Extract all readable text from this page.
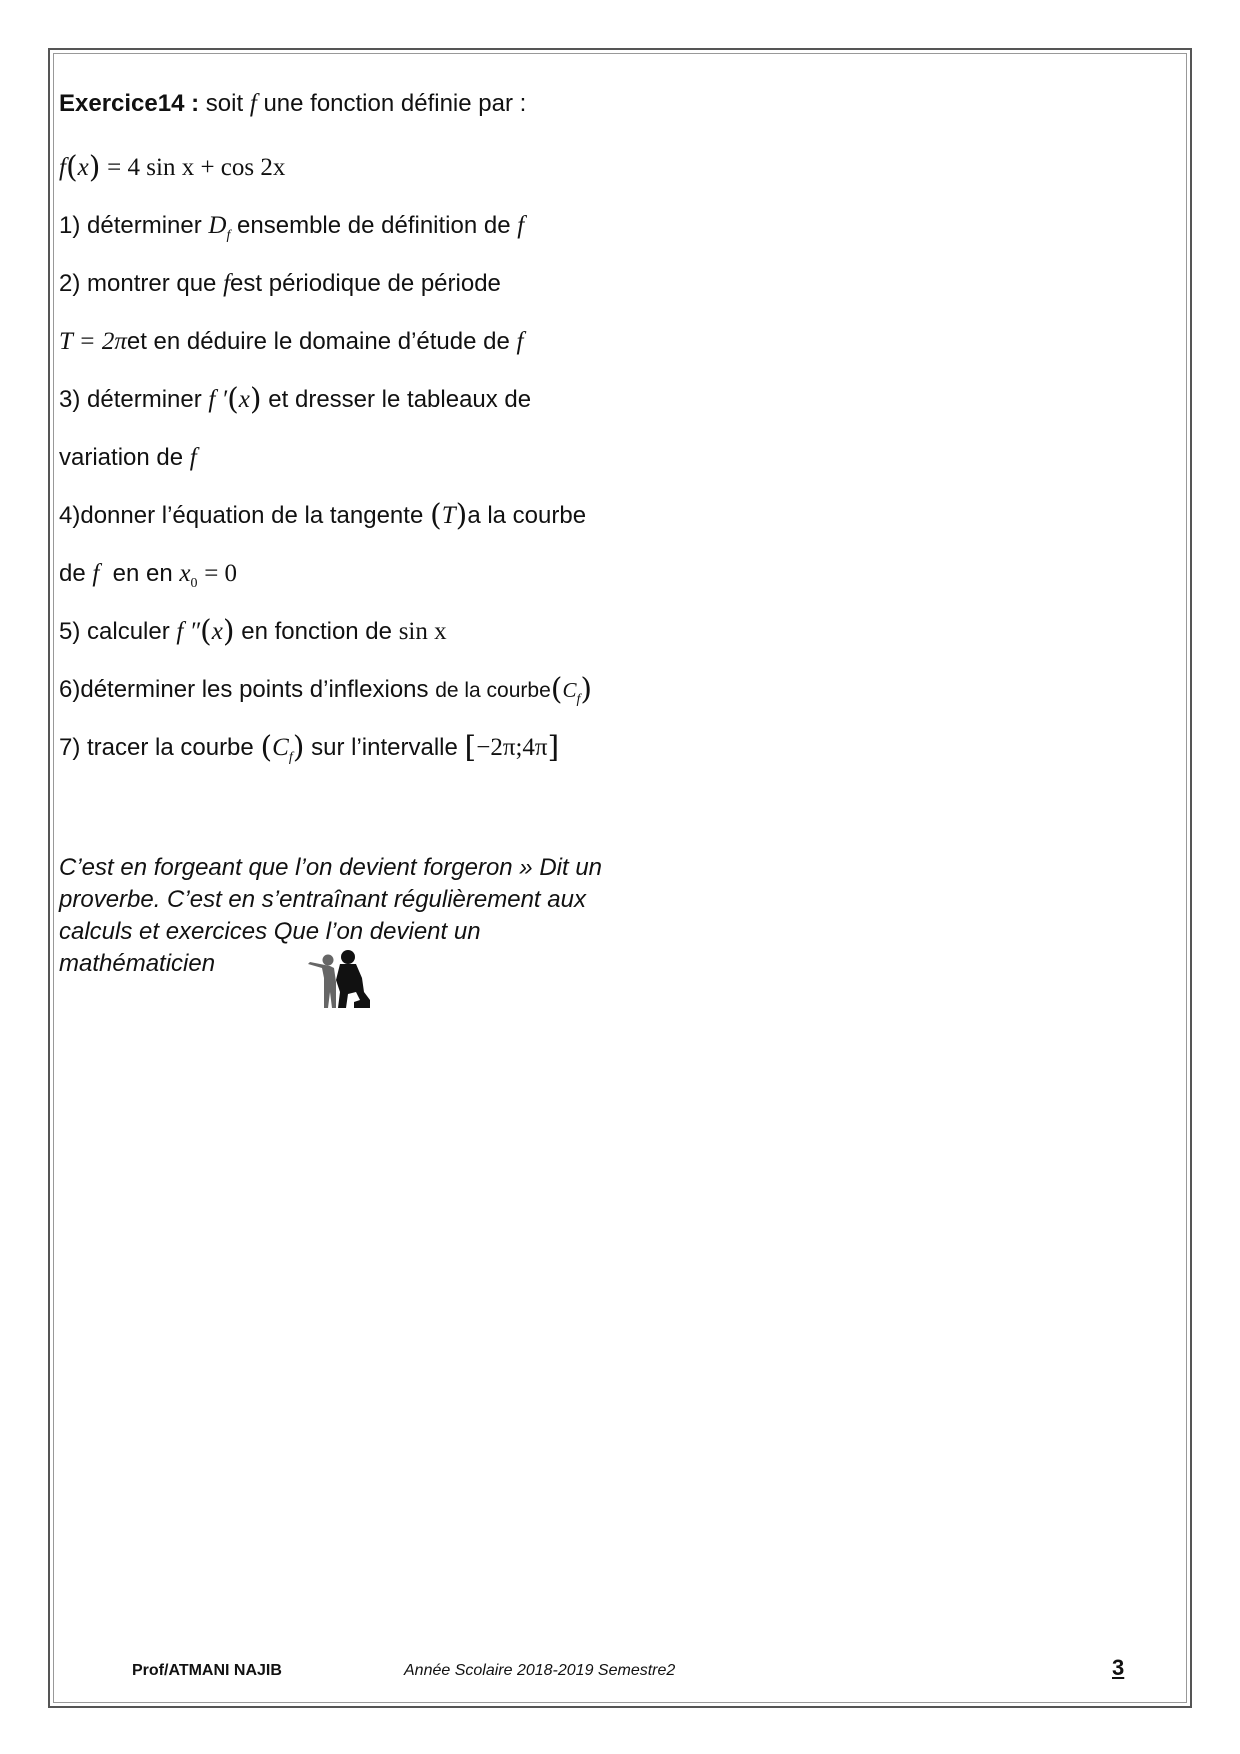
Exercice14 : soit f une fonction définie par :
f(x) = 4 sin x + cos 2x
1) déterminer $D_f$ ensemble de définition de f
2) montrer que fest périodique de période
T = 2πet en déduire le domaine d’étude de f
3) déterminer f ′(x) et dresser le tableaux de
variation de f
4)donner l’équation de la tangente (T)a la courbe
de f en en $x_0 = 0$
5) calculer f ″(x) en fonction de sin x
6)déterminer les points d’inflexions de la $courbe(C_f)$
7) tracer la courbe $(C_f)$ sur l’intervalle [−2π;4π]
C’est en forgeant que l’on devient forgeron » Dit un proverbe. C’est en s’entraînant régulièrement aux calculs et exercices Que l’on devient un mathématicien
Prof/ATMANI NAJIB	Année Scolaire 2018-2019 Semestre2	3
